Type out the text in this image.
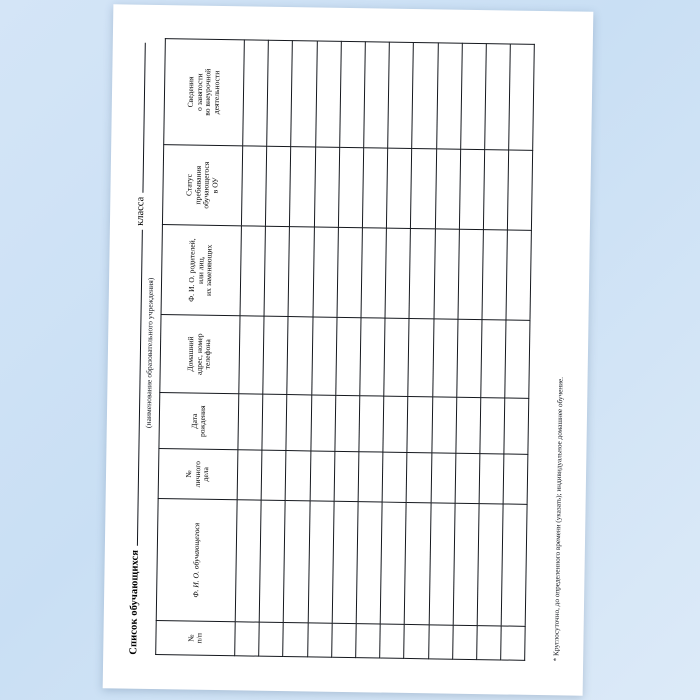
Список обучающихся
класса
(наименование образовательного учреждения)
№ п/п	Ф. И. О. обучающегося	№ личного дела	Дата рождения	Домашний
адрес, номер
телефона	Ф. И. О. родителей,
или лиц,
их заменяющих	Статус пребывания
обучающегося в ОУ	Сведения
о занятости
во внеурочной
деятельности

* Круглосуточно, до определенного времени (указать); индивидуальное домашнее обучение.
